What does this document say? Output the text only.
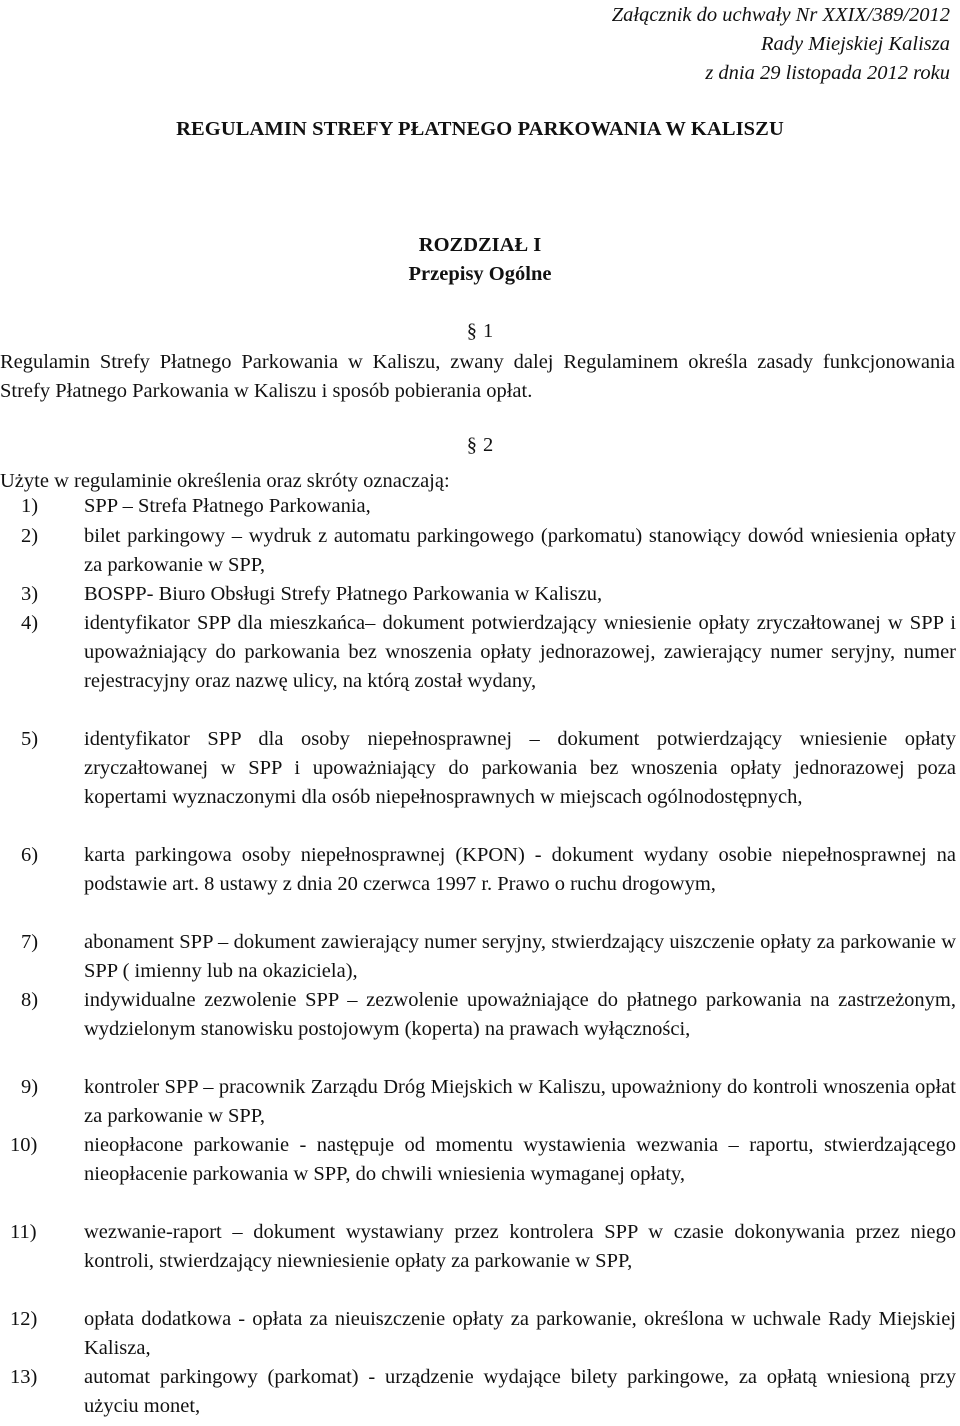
Załącznik do uchwały Nr XXIX/389/2012
Rady Miejskiej Kalisza
z dnia 29 listopada 2012 roku
REGULAMIN STREFY PŁATNEGO PARKOWANIA W KALISZU
ROZDZIAŁ I
Przepisy Ogólne
§ 1
Regulamin Strefy Płatnego Parkowania w Kaliszu, zwany dalej Regulaminem określa zasady funkcjonowania Strefy Płatnego Parkowania w Kaliszu i sposób pobierania opłat.
§ 2
Użyte w regulaminie określenia oraz skróty oznaczają:
1)	SPP – Strefa Płatnego Parkowania,
2)	bilet parkingowy – wydruk z automatu parkingowego (parkomatu) stanowiący dowód wniesienia opłaty za parkowanie w SPP,
3)	BOSPP- Biuro Obsługi Strefy Płatnego Parkowania w Kaliszu,
4)	identyfikator SPP dla mieszkańca– dokument potwierdzający wniesienie opłaty zryczałtowanej w SPP i upoważniający do parkowania bez wnoszenia opłaty jednorazowej, zawierający numer seryjny, numer rejestracyjny oraz nazwę ulicy, na którą został wydany,
5)	identyfikator SPP dla osoby niepełnosprawnej – dokument potwierdzający wniesienie opłaty zryczałtowanej w SPP i upoważniający do parkowania bez wnoszenia opłaty jednorazowej poza kopertami wyznaczonymi dla osób niepełnosprawnych w miejscach ogólnodostępnych,
6)	karta parkingowa osoby niepełnosprawnej (KPON) - dokument wydany osobie niepełnosprawnej na podstawie art. 8 ustawy z dnia 20 czerwca 1997 r. Prawo o ruchu drogowym,
7)	abonament SPP – dokument zawierający numer seryjny, stwierdzający uiszczenie opłaty za parkowanie w SPP ( imienny lub na okaziciela),
8)	indywidualne zezwolenie SPP – zezwolenie upoważniające do płatnego parkowania na zastrzeżonym, wydzielonym stanowisku postojowym (koperta) na prawach wyłączności,
9)	kontroler SPP – pracownik Zarządu Dróg Miejskich w Kaliszu, upoważniony do kontroli wnoszenia opłat za parkowanie w SPP,
10)	nieopłacone parkowanie - następuje od momentu wystawienia wezwania – raportu, stwierdzającego nieopłacenie parkowania w SPP, do chwili wniesienia wymaganej opłaty,
11)	wezwanie-raport – dokument wystawiany przez kontrolera SPP w czasie dokonywania przez niego kontroli, stwierdzający niewniesienie opłaty za parkowanie w SPP,
12)	opłata dodatkowa - opłata za nieuiszczenie opłaty za parkowanie, określona w uchwale Rady Miejskiej Kalisza,
13)	automat parkingowy (parkomat) - urządzenie wydające bilety parkingowe, za opłatą wniesioną przy użyciu monet,
